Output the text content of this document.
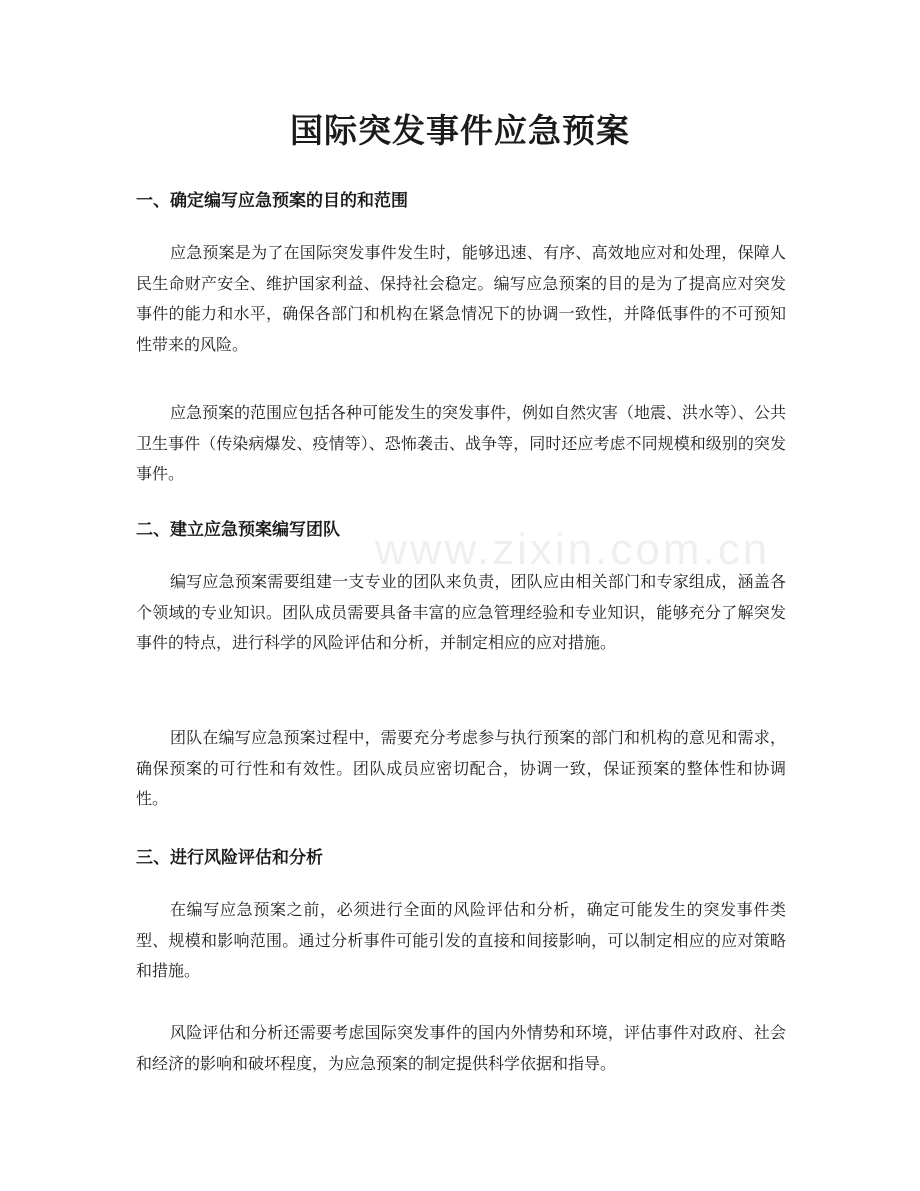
国际突发事件应急预案
www.zixin.com.cn
一、确定编写应急预案的目的和范围

应急预案是为了在国际突发事件发生时，能够迅速、有序、高效地应对和处理，保障人民生命财产安全、维护国家利益、保持社会稳定。编写应急预案的目的是为了提高应对突发事件的能力和水平，确保各部门和机构在紧急情况下的协调一致性，并降低事件的不可预知性带来的风险。

应急预案的范围应包括各种可能发生的突发事件，例如自然灾害（地震、洪水等）、公共卫生事件（传染病爆发、疫情等）、恐怖袭击、战争等，同时还应考虑不同规模和级别的突发事件。

二、建立应急预案编写团队

编写应急预案需要组建一支专业的团队来负责，团队应由相关部门和专家组成，涵盖各个领域的专业知识。团队成员需要具备丰富的应急管理经验和专业知识，能够充分了解突发事件的特点，进行科学的风险评估和分析，并制定相应的应对措施。

团队在编写应急预案过程中，需要充分考虑参与执行预案的部门和机构的意见和需求，确保预案的可行性和有效性。团队成员应密切配合，协调一致，保证预案的整体性和协调性。

三、进行风险评估和分析

在编写应急预案之前，必须进行全面的风险评估和分析，确定可能发生的突发事件类型、规模和影响范围。通过分析事件可能引发的直接和间接影响，可以制定相应的应对策略和措施。

风险评估和分析还需要考虑国际突发事件的国内外情势和环境，评估事件对政府、社会和经济的影响和破坏程度，为应急预案的制定提供科学依据和指导。
